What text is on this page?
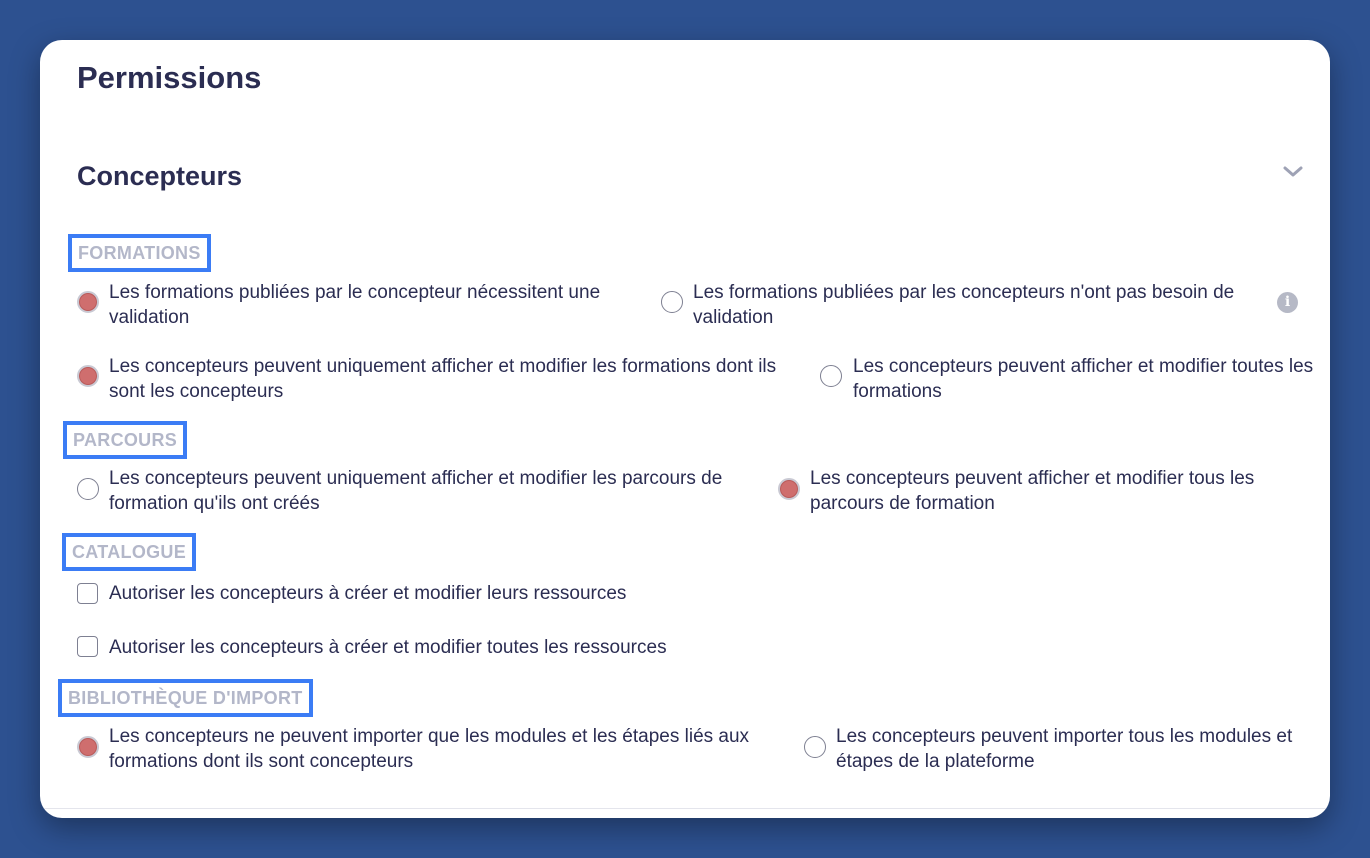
Permissions
Concepteurs
FORMATIONS
Les formations publiées par le concepteur nécessitent une validation
Les formations publiées par les concepteurs n'ont pas besoin de validation
i
Les concepteurs peuvent uniquement afficher et modifier les formations dont ils sont les concepteurs
Les concepteurs peuvent afficher et modifier toutes les formations
PARCOURS
Les concepteurs peuvent uniquement afficher et modifier les parcours de formation qu'ils ont créés
Les concepteurs peuvent afficher et modifier tous les parcours de formation
CATALOGUE
Autoriser les concepteurs à créer et modifier leurs ressources
Autoriser les concepteurs à créer et modifier toutes les ressources
BIBLIOTHÈQUE D'IMPORT
Les concepteurs ne peuvent importer que les modules et les étapes liés aux formations dont ils sont concepteurs
Les concepteurs peuvent importer tous les modules et étapes de la plateforme
